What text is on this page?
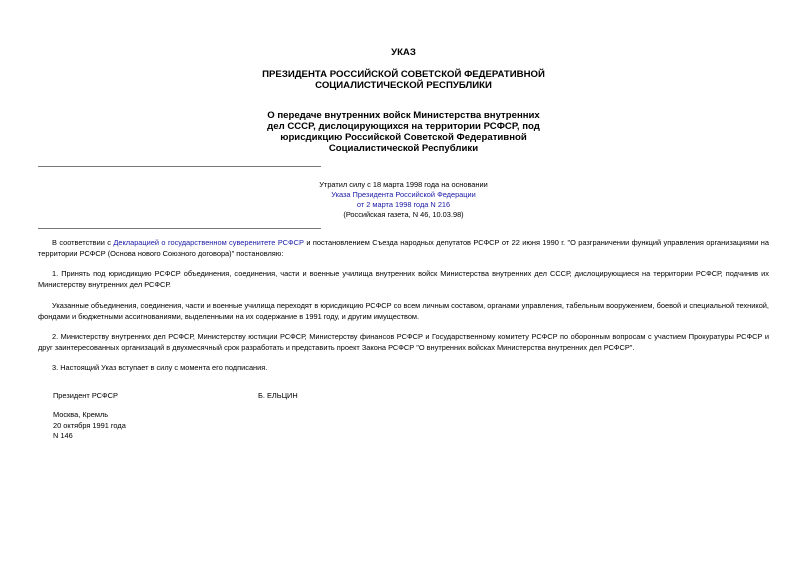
УКАЗ
ПРЕЗИДЕНТА РОССИЙСКОЙ СОВЕТСКОЙ ФЕДЕРАТИВНОЙ
СОЦИАЛИСТИЧЕСКОЙ РЕСПУБЛИКИ
О передаче внутренних войск Министерства внутренних
дел СССР, дислоцирующихся на территории РСФСР, под
юрисдикцию Российской Советской Федеративной
Социалистической Республики
Утратил силу с 18 марта 1998 года на основании
Указа Президента Российской Федерации
от 2 марта 1998 года N 216
(Российская газета, N 46, 10.03.98)
В соответствии с Декларацией о государственном суверенитете РСФСР и постановлением Съезда народных депутатов РСФСР от 22 июня 1990 г. "О разграничении функций управления организациями на территории РСФСР (Основа нового Союзного договора)" постановляю:
1. Принять под юрисдикцию РСФСР объединения, соединения, части и военные училища внутренних войск Министерства внутренних дел СССР, дислоцирующиеся на территории РСФСР, подчинив их Министерству внутренних дел РСФСР.
Указанные объединения, соединения, части и военные училища переходят в юрисдикцию РСФСР со всем личным составом, органами управления, табельным вооружением, боевой и специальной техникой, фондами и бюджетными ассигнованиями, выделенными на их содержание в 1991 году, и другим имуществом.
2. Министерству внутренних дел РСФСР, Министерству юстиции РСФСР, Министерству финансов РСФСР и Государственному комитету РСФСР по оборонным вопросам с участием Прокуратуры РСФСР и друг заинтересованных организаций в двухмесячный срок разработать и представить проект Закона РСФСР "О внутренних войсках Министерства внутренних дел РСФСР".
3. Настоящий Указ вступает в силу с момента его подписания.
Президент РСФСР	Б. ЕЛЬЦИН
Москва, Кремль
20 октября 1991 года
N 146
